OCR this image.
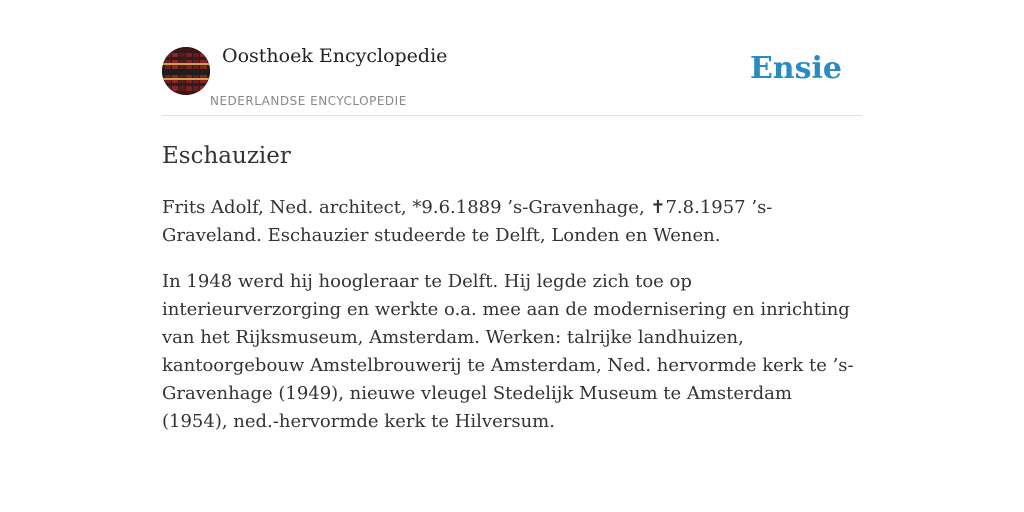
Oosthoek Encyclopedie
NEDERLANDSE ENCYCLOPEDIE
Ensie
Eschauzier

Frits Adolf, Ned. architect, *9.6.1889 ’s-Gravenhage, ✝7.8.1957 ’s-Graveland. Eschauzier studeerde te Delft, Londen en Wenen.

In 1948 werd hij hoogleraar te Delft. Hij legde zich toe op interieurverzorging en werkte o.a. mee aan de modernisering en inrichting van het Rijksmuseum, Amsterdam. Werken: talrijke landhuizen, kantoorgebouw Amstelbrouwerij te Amsterdam, Ned. hervormde kerk te ’s-Gravenhage (1949), nieuwe vleugel Stedelijk Museum te Amsterdam (1954), ned.-hervormde kerk te Hilversum.
